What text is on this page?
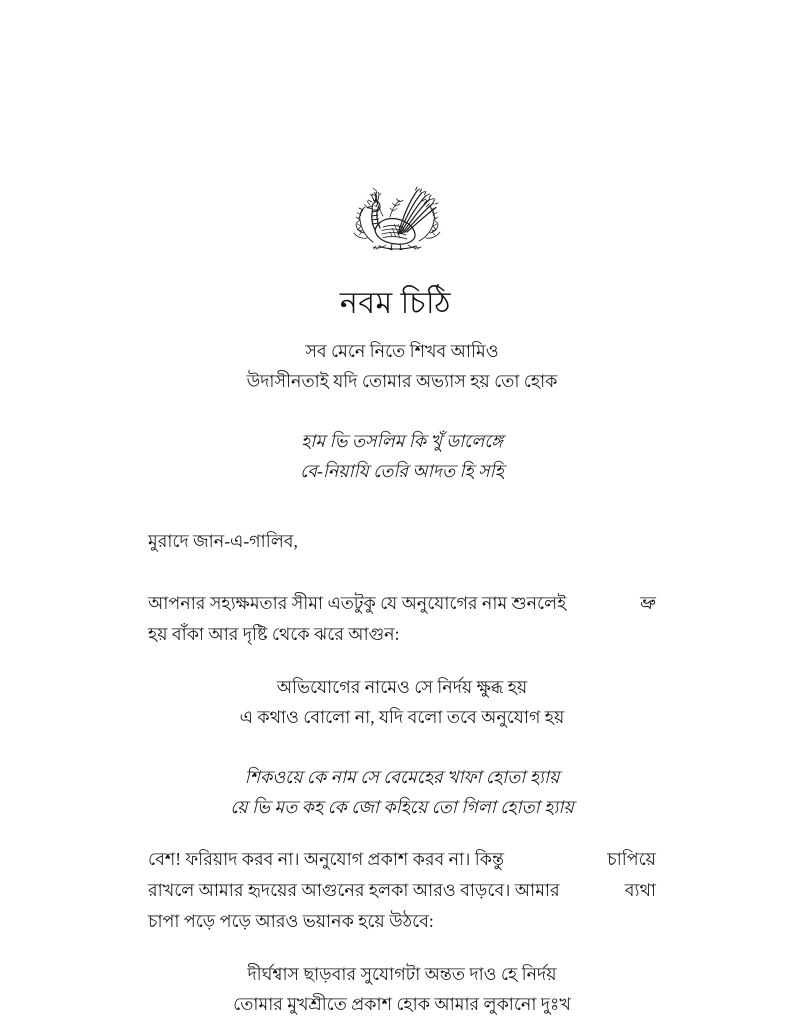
নবম চিঠি
সব মেনে নিতে শিখব আমিও
উদাসীনতাই যদি তোমার অভ্যাস হয় তো হোক
হাম ভি তসলিম কি খুঁ ডালেঙ্গে
বে-নিয়াযি তেরি আদত হি সহি

মুরাদে জান-এ-গালিব,

আপনার সহ্যক্ষমতার সীমা এতটুকু যে অনুযোগের নাম শুনলেই	ভ্রু
হয় বাঁকা আর দৃষ্টি থেকে ঝরে আগুন:
অভিযোগের নামেও সে নির্দয় ক্ষুব্ধ হয়
এ কথাও বোলো না, যদি বলো তবে অনুযোগ হয়
শিকওয়ে কে নাম সে বেমেহের খাফা হোতা হ্যায়
য়ে ভি মত কহ কে জো কহিয়ে তো গিলা হোতা হ্যায়
বেশ! ফরিয়াদ করব না। অনুযোগ প্রকাশ করব না। কিন্তু	চাপিয়ে
রাখলে আমার হৃদয়ের আগুনের হলকা আরও বাড়বে। আমার	ব্যথা
চাপা পড়ে পড়ে আরও ভয়ানক হয়ে উঠবে:
দীর্ঘশ্বাস ছাড়বার সুযোগটা অন্তত দাও হে নির্দয়
তোমার মুখশ্রীতে প্রকাশ হোক আমার লুকানো দুঃখ
